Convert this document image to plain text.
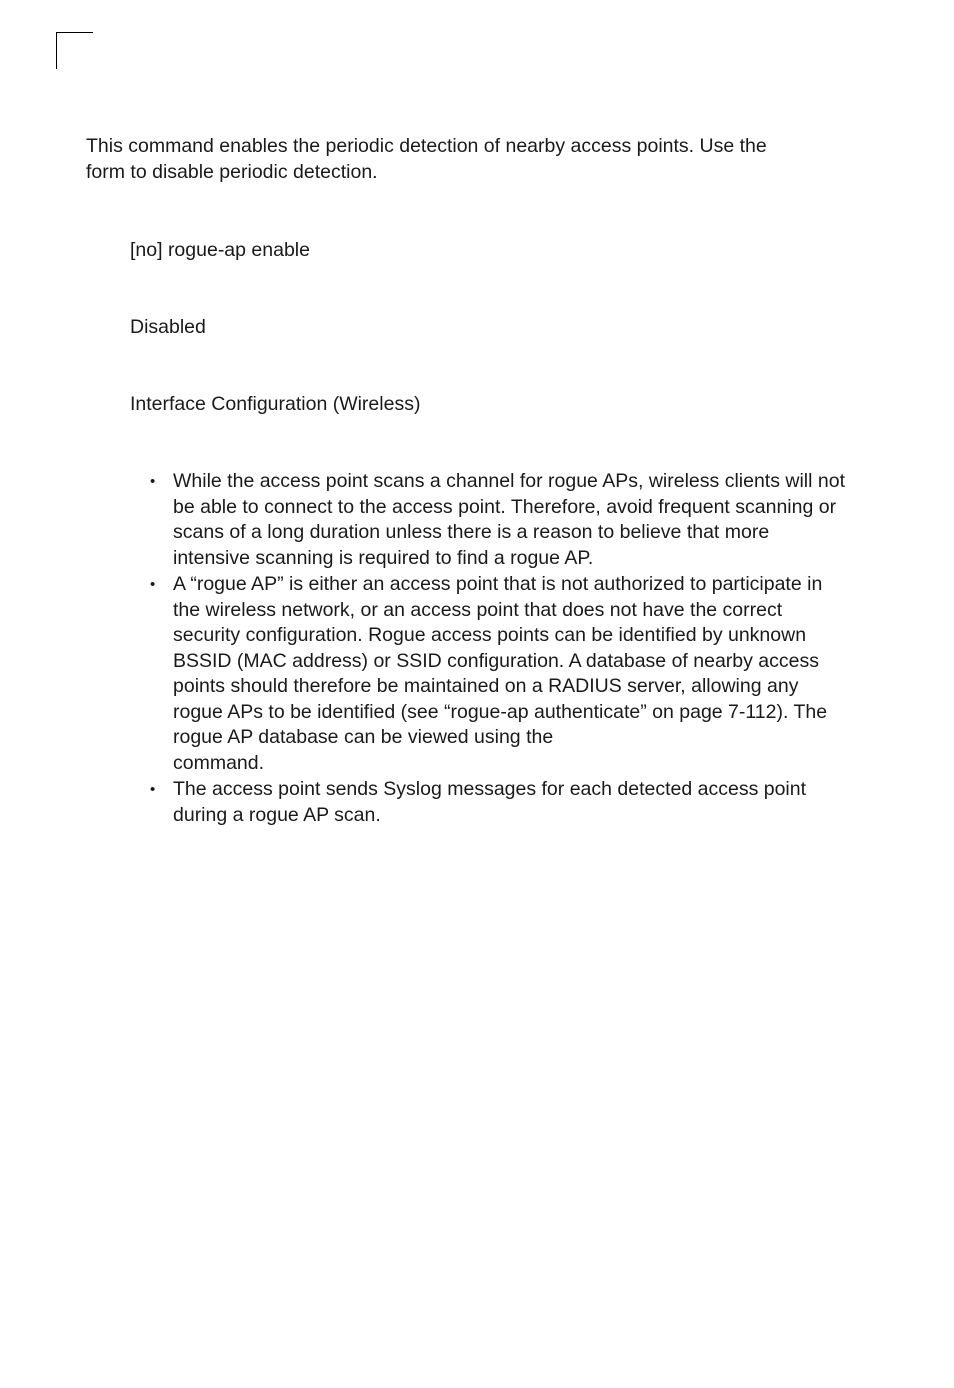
This command enables the periodic detection of nearby access points. Use the
form to disable periodic detection.

[no] rogue-ap enable

Disabled

Interface Configuration (Wireless)

• While the access point scans a channel for rogue APs, wireless clients will not be able to connect to the access point. Therefore, avoid frequent scanning or scans of a long duration unless there is a reason to believe that more intensive scanning is required to find a rogue AP.
• A “rogue AP” is either an access point that is not authorized to participate in the wireless network, or an access point that does not have the correct security configuration. Rogue access points can be identified by unknown BSSID (MAC address) or SSID configuration. A database of nearby access points should therefore be maintained on a RADIUS server, allowing any rogue APs to be identified (see “rogue-ap authenticate” on page 7-112). The rogue AP database can be viewed using the
command.
• The access point sends Syslog messages for each detected access point during a rogue AP scan.
